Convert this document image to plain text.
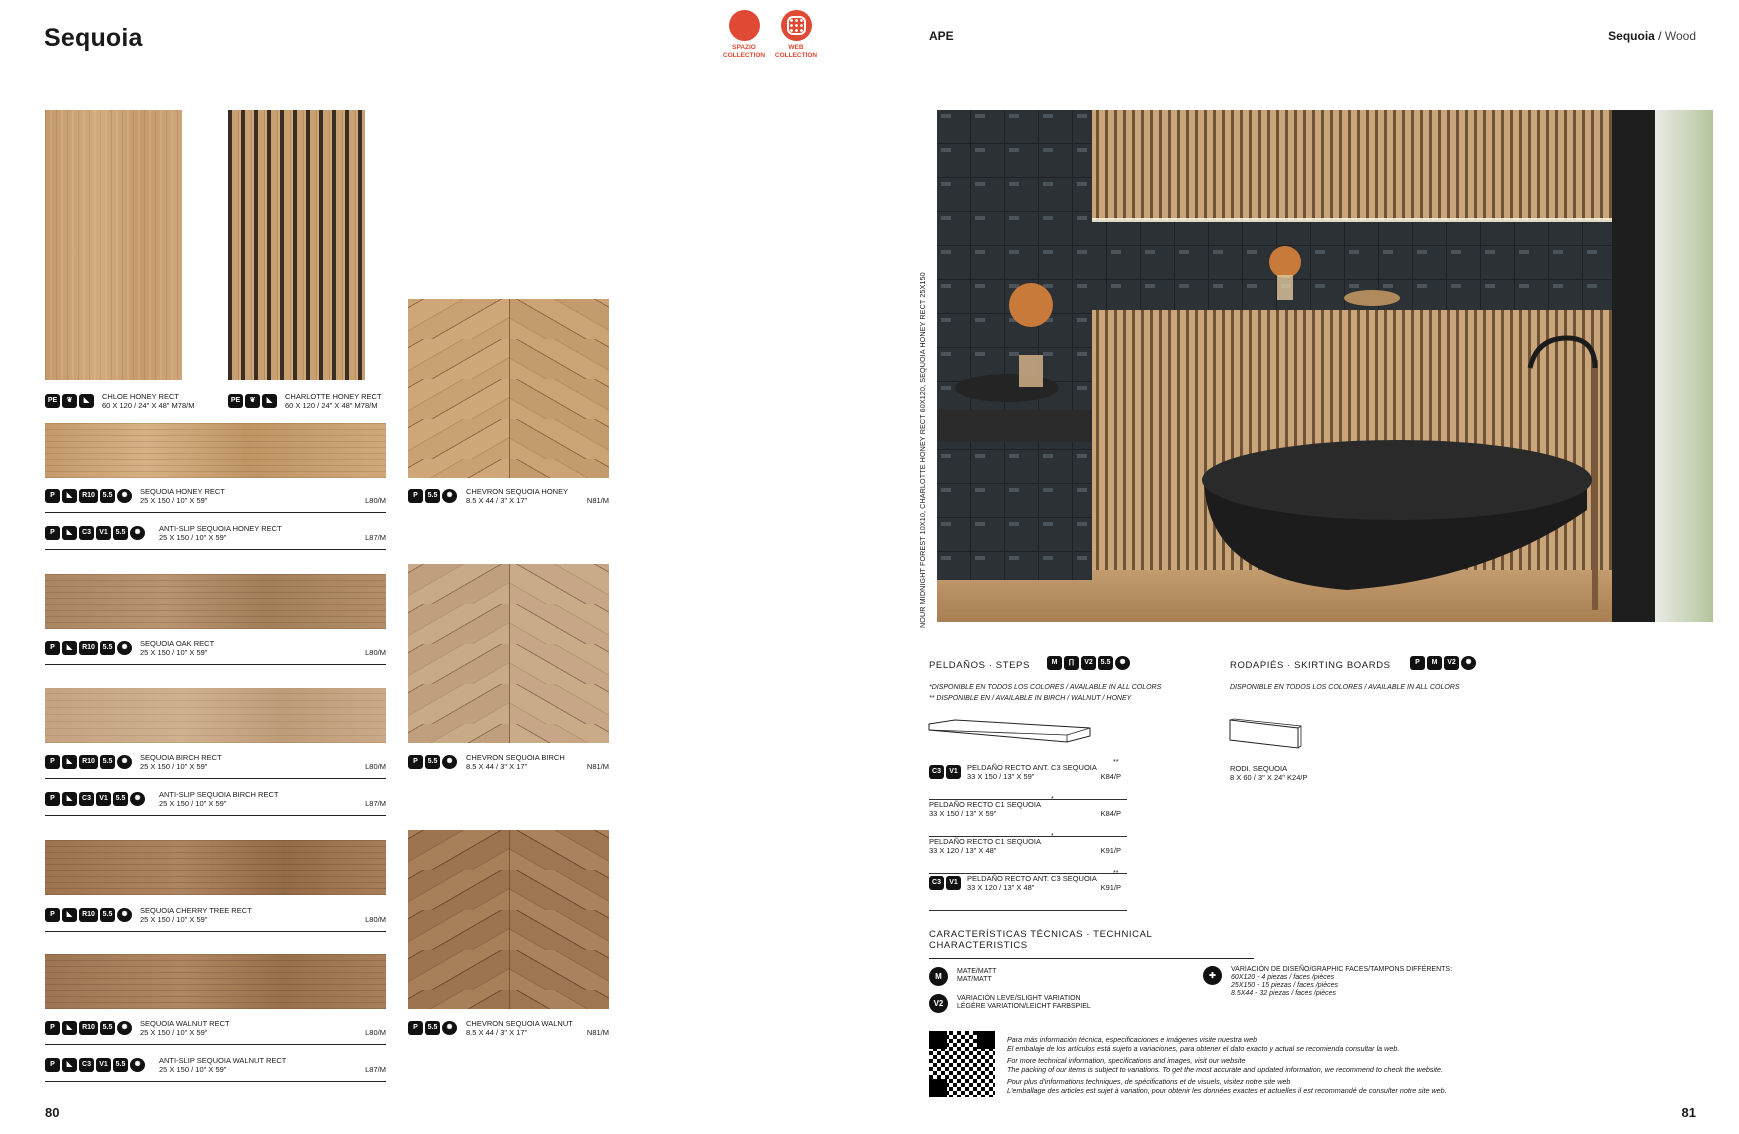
Sequoia	SPAZIO
COLLECTION
WEB
COLLECTION
PE	❦	◣	CHLOE HONEY RECT
60 X 120 / 24" X 48" M78/M
PE	❦	◣	CHARLOTTE HONEY RECT
60 X 120 / 24" X 48" M78/M
P	◣	R10	5.5	✺	SEQUOIA HONEY RECT
25 X 150 / 10" X 59"	L80/M
P	◣	C3	V1	5.5	✺	ANTI-SLIP SEQUOIA HONEY RECT
25 X 150 / 10" X 59"	L87/M
P	5.5	✺	CHEVRON SEQUOIA HONEY
8.5 X 44 / 3" X 17"	N81/M
P	◣	R10	5.5	✺	SEQUOIA OAK RECT
25 X 150 / 10" X 59"	L80/M
P	◣	R10	5.5	✺	SEQUOIA BIRCH RECT
25 X 150 / 10" X 59"	L80/M
P	◣	C3	V1	5.5	✺	ANTI-SLIP SEQUOIA BIRCH RECT
25 X 150 / 10" X 59"	L87/M
P	5.5	✺	CHEVRON SEQUOIA BIRCH
8.5 X 44 / 3" X 17"	N81/M
P	◣	R10	5.5	✺	SEQUOIA CHERRY TREE RECT
25 X 150 / 10" X 59"	L80/M
P	◣	R10	5.5	✺	SEQUOIA WALNUT RECT
25 X 150 / 10" X 59"	L80/M
P	◣	C3	V1	5.5	✺	ANTI-SLIP SEQUOIA WALNUT RECT
25 X 150 / 10" X 59"	L87/M
P	5.5	✺	CHEVRON SEQUOIA WALNUT
8.5 X 44 / 3" X 17"	N81/M
80
APE	Sequoia / Wood
NOUR MIDNIGHT FOREST 10X10, CHARLOTTE HONEY RECT 60X120, SEQUOIA HONEY RECT 25X150
PELDAÑOS · STEPS	M	∏	V2	5.5	✺
*DISPONIBLE EN TODOS LOS COLORES / AVAILABLE IN ALL COLORS
** DISPONIBLE EN / AVAILABLE IN BIRCH / WALNUT / HONEY
C3	V1	PELDAÑO RECTO ANT. C3 SEQUOIA
33 X 150 / 13" X 59"	K84/P
**
PELDAÑO RECTO C1 SEQUOIA
33 X 150 / 13" X 59"	K84/P
*
PELDAÑO RECTO C1 SEQUOIA
33 X 120 / 13" X 48"	K91/P
*
C3	V1	PELDAÑO RECTO ANT. C3 SEQUOIA
33 X 120 / 13" X 48"	K91/P
**
RODAPIÉS · SKIRTING BOARDS	P	M	V2	✺
DISPONIBLE EN TODOS LOS COLORES / AVAILABLE IN ALL COLORS
RODI. SEQUOIA
8 X 60 / 3" X 24" K24/P
CARACTERÍSTICAS TÉCNICAS · TECHNICAL CHARACTERISTICS
M
MATE/MATT
MAT/MATT
V2
VARIACIÓN LEVE/SLIGHT VARIATION
LÉGÈRE VARIATION/LEICHT FARBSPIEL
✚
VARIACIÓN DE DISEÑO/GRAPHIC FACES/TAMPONS DIFFÉRENTS:
60X120 - 4 piezas / faces /pièces
25X150 - 15 piezas / faces /pièces
8.5X44 - 32 piezas / faces /pièces

Para más información técnica, especificaciones e imágenes visite nuestra web

El embalaje de los artículos está sujeto a variaciones, para obtener el dato exacto y actual se recomienda consultar la web.

For more technical information, specifications and images, visit our website

The packing of our items is subject to variations. To get the most accurate and updated information, we recommend to check the website.

Pour plus d'informations techniques, de spécifications et de visuels, visitez notre site web

L'emballage des articles est sujet à variation, pour obtenir les données exactes et actuelles il est recommandé de consulter notre site web.

81
